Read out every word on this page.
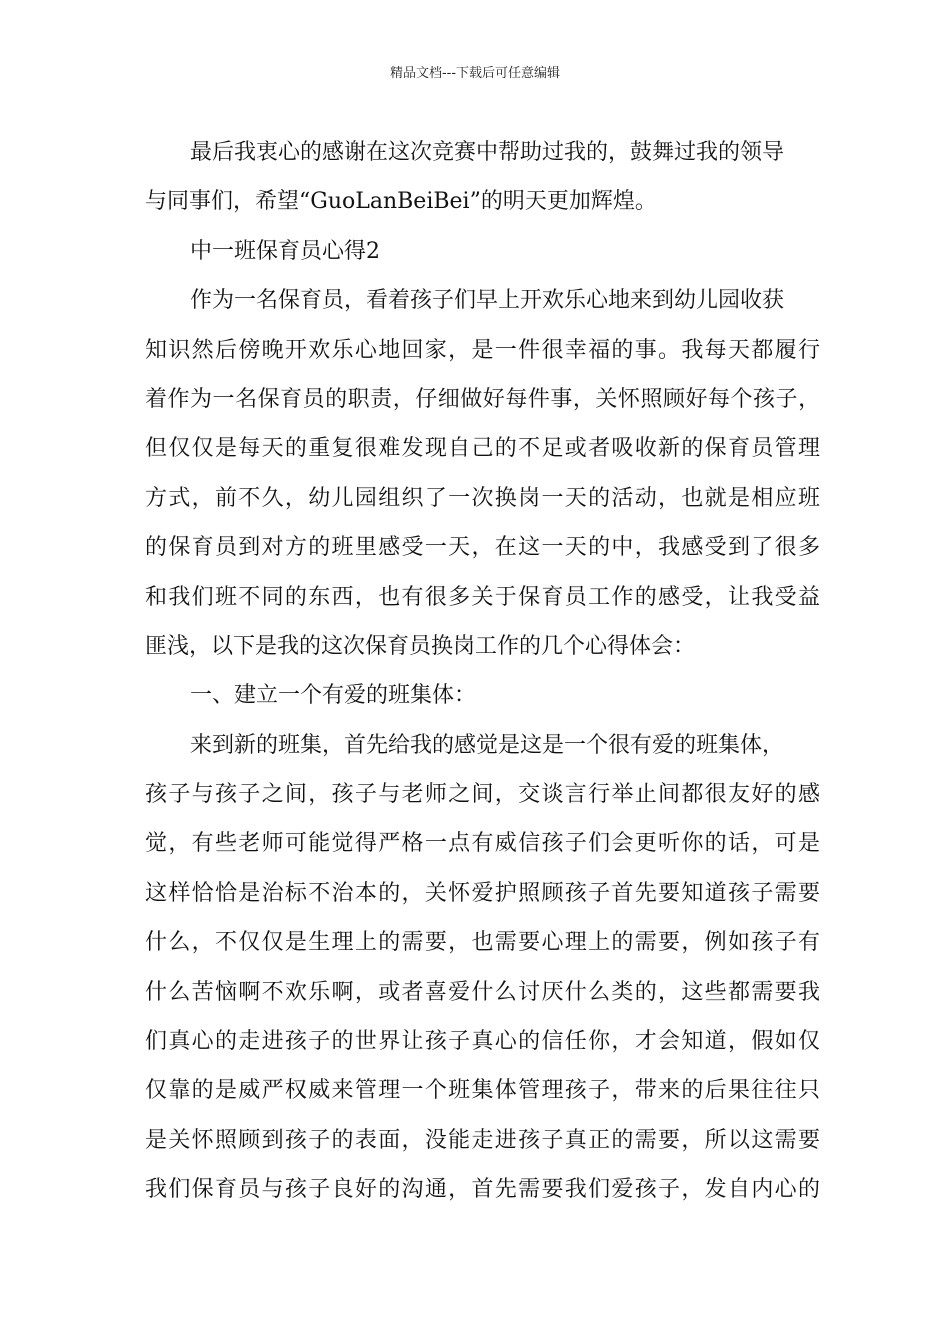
精品文档---下载后可任意编辑
最后我衷心的感谢在这次竞赛中帮助过我的，鼓舞过我的领导
与同事们，希望“GuoLanBeiBei”的明天更加辉煌。
中一班保育员心得2
作为一名保育员，看着孩子们早上开欢乐心地来到幼儿园收获
知识然后傍晚开欢乐心地回家，是一件很幸福的事。我每天都履行
着作为一名保育员的职责，仔细做好每件事，关怀照顾好每个孩子，
但仅仅是每天的重复很难发现自己的不足或者吸收新的保育员管理
方式，前不久，幼儿园组织了一次换岗一天的活动，也就是相应班
的保育员到对方的班里感受一天，在这一天的中，我感受到了很多
和我们班不同的东西，也有很多关于保育员工作的感受，让我受益
匪浅，以下是我的这次保育员换岗工作的几个心得体会：
一、建立一个有爱的班集体：
来到新的班集，首先给我的感觉是这是一个很有爱的班集体，
孩子与孩子之间，孩子与老师之间，交谈言行举止间都很友好的感
觉，有些老师可能觉得严格一点有威信孩子们会更听你的话，可是
这样恰恰是治标不治本的，关怀爱护照顾孩子首先要知道孩子需要
什么，不仅仅是生理上的需要，也需要心理上的需要，例如孩子有
什么苦恼啊不欢乐啊，或者喜爱什么讨厌什么类的，这些都需要我
们真心的走进孩子的世界让孩子真心的信任你，才会知道，假如仅
仅靠的是威严权威来管理一个班集体管理孩子，带来的后果往往只
是关怀照顾到孩子的表面，没能走进孩子真正的需要，所以这需要
我们保育员与孩子良好的沟通，首先需要我们爱孩子，发自内心的
